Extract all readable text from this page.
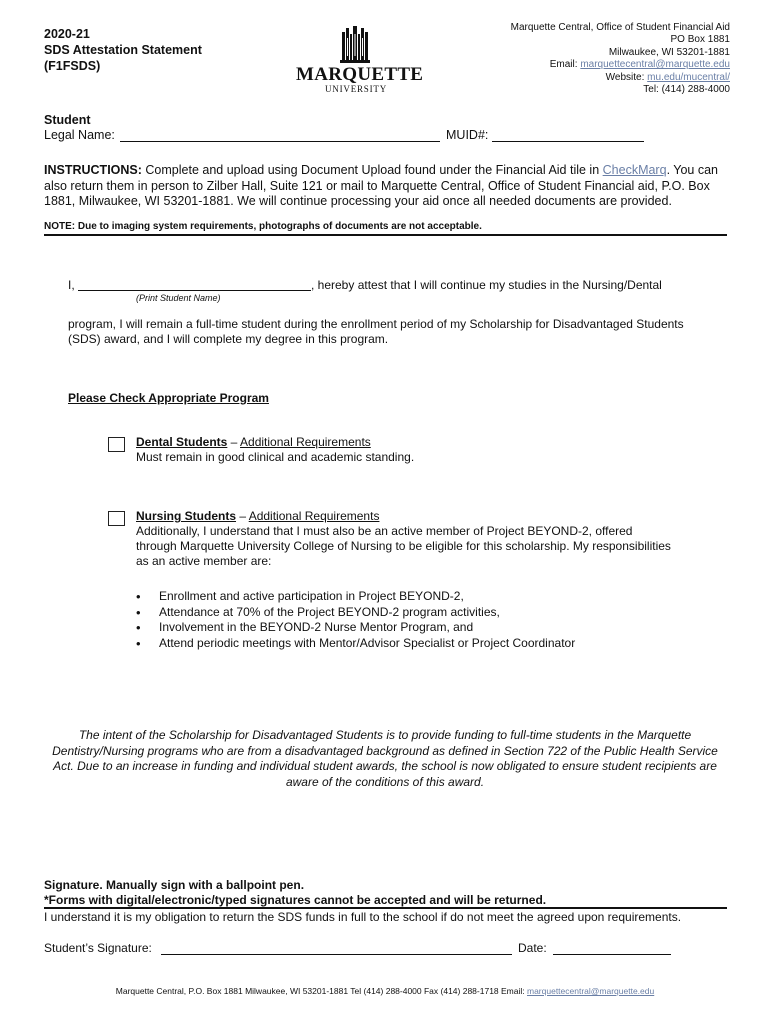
2020-21
SDS Attestation Statement
(F1FSDS)	MARQUETTE
UNIVERSITY
Marquette Central, Office of Student Financial Aid
PO Box 1881
Milwaukee, WI 53201-1881
Email: marquettecentral@marquette.edu
Website: mu.edu/mucentral/
Tel: (414) 288-4000
Student
Legal Name:	MUID#:
INSTRUCTIONS: Complete and upload using Document Upload found under the Financial Aid tile in CheckMarq. You can also return them in person to Zilber Hall, Suite 121 or mail to Marquette Central, Office of Student Financial aid, P.O. Box 1881, Milwaukee, WI 53201-1881. We will continue processing your aid once all needed documents are provided.
NOTE: Due to imaging system requirements, photographs of documents are not acceptable.
I,	, hereby attest that I will continue my studies in the Nursing/Dental
(Print Student Name)
program, I will remain a full-time student during the enrollment period of my Scholarship for Disadvantaged Students (SDS) award, and I will complete my degree in this program.
Please Check Appropriate Program
Dental Students – Additional Requirements
Must remain in good clinical and academic standing.
Nursing Students – Additional Requirements
Additionally, I understand that I must also be an active member of Project BEYOND-2, offered through Marquette University College of Nursing to be eligible for this scholarship. My responsibilities as an active member are:
• Enrollment and active participation in Project BEYOND-2,
• Attendance at 70% of the Project BEYOND-2 program activities,
• Involvement in the BEYOND-2 Nurse Mentor Program, and
• Attend periodic meetings with Mentor/Advisor Specialist or Project Coordinator
The intent of the Scholarship for Disadvantaged Students is to provide funding to full-time students in the Marquette Dentistry/Nursing programs who are from a disadvantaged background as defined in Section 722 of the Public Health Service Act. Due to an increase in funding and individual student awards, the school is now obligated to ensure student recipients are aware of the conditions of this award.
Signature. Manually sign with a ballpoint pen.
*Forms with digital/electronic/typed signatures cannot be accepted and will be returned.
I understand it is my obligation to return the SDS funds in full to the school if do not meet the agreed upon requirements.
Student’s Signature:	Date:
Marquette Central, P.O. Box 1881 Milwaukee, WI 53201-1881 Tel (414) 288-4000 Fax (414) 288-1718 Email: marquettecentral@marquette.edu
